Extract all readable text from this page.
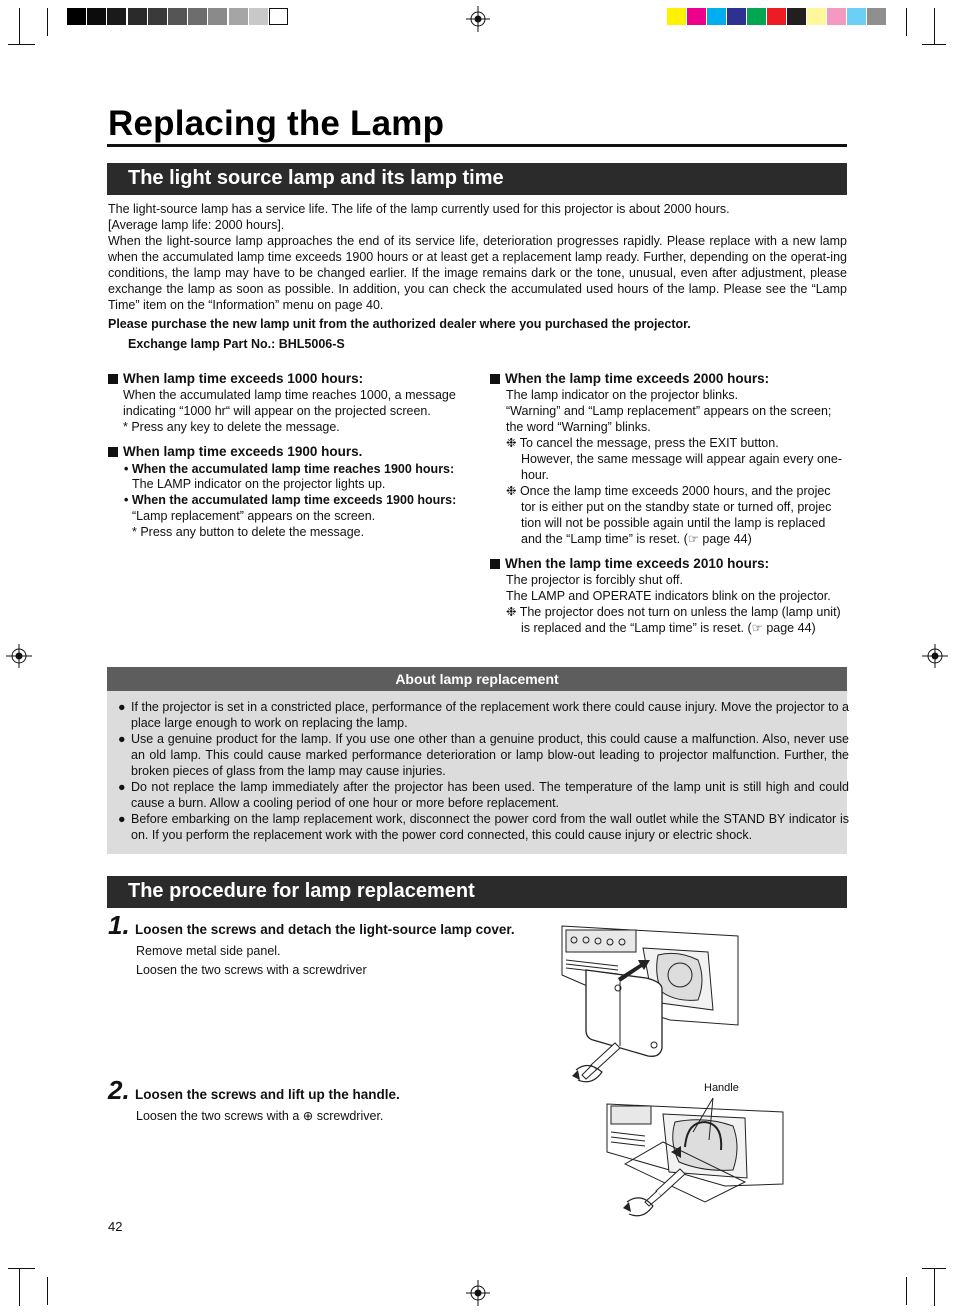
Replacing the Lamp
The light source lamp and its lamp time
The light-source lamp has a service life. The life of the lamp currently used for this projector is about 2000 hours.
[Average lamp life: 2000 hours].
When the light-source lamp approaches the end of its service life, deterioration progresses rapidly. Please replace with a new lamp when the accumulated lamp time exceeds 1900 hours or at least get a replacement lamp ready. Further, depending on the operat-ing conditions, the lamp may have to be changed earlier. If the image remains dark or the tone, unusual, even after adjustment, please exchange the lamp as soon as possible. In addition, you can check the accumulated used hours of the lamp. Please see the “Lamp Time” item on the “Information” menu on page 40.
Please purchase the new lamp unit from the authorized dealer where you purchased the projector.
Exchange lamp Part No.: BHL5006-S
When lamp time exceeds 1000 hours:
When the accumulated lamp time reaches 1000, a message
indicating “1000 hr“ will appear on the projected screen.
* Press any key to delete the message.
When lamp time exceeds 1900 hours.
• When the accumulated lamp time reaches 1900 hours:
The LAMP indicator on the projector lights up.
• When the accumulated lamp time exceeds 1900 hours:
“Lamp replacement” appears on the screen.
* Press any button to delete the message.
When the lamp time exceeds 2000 hours:
The lamp indicator on the projector blinks.
“Warning” and “Lamp replacement” appears on the screen;
the word “Warning” blinks.
❉ To cancel the message, press the EXIT button.
However, the same message will appear again every one-
hour.
❉ Once the lamp time exceeds 2000 hours, and the projec
tor is either put on the standby state or turned off, projec
tion will not be possible again until the lamp is replaced
and the “Lamp time” is reset. (☞ page 44)
When the lamp time exceeds 2010 hours:
The projector is forcibly shut off.
The LAMP and OPERATE indicators blink on the projector.
❉ The projector does not turn on unless the lamp (lamp unit)
is replaced and the “Lamp time” is reset. (☞ page 44)
About lamp replacement
● If the projector is set in a constricted place, performance of the replacement work there could cause injury. Move the projector to a place large enough to work on replacing the lamp.
● Use a genuine product for the lamp. If you use one other than a genuine product, this could cause a malfunction. Also, never use an old lamp. This could cause marked performance deterioration or lamp blow-out leading to projector malfunction. Further, the broken pieces of glass from the lamp may cause injuries.
● Do not replace the lamp immediately after the projector has been used. The temperature of the lamp unit is still high and could cause a burn. Allow a cooling period of one hour or more before replacement.
● Before embarking on the lamp replacement work, disconnect the power cord from the wall outlet while the STAND BY indicator is on. If you perform the replacement work with the power cord connected, this could cause injury or electric shock.
The procedure for lamp replacement
1. Loosen the screws and detach the light-source lamp cover.
Remove metal side panel.
Loosen the two screws with a screwdriver
2. Loosen the screws and lift up the handle.
Loosen the two screws with a ⊕ screwdriver.
Handle
42
